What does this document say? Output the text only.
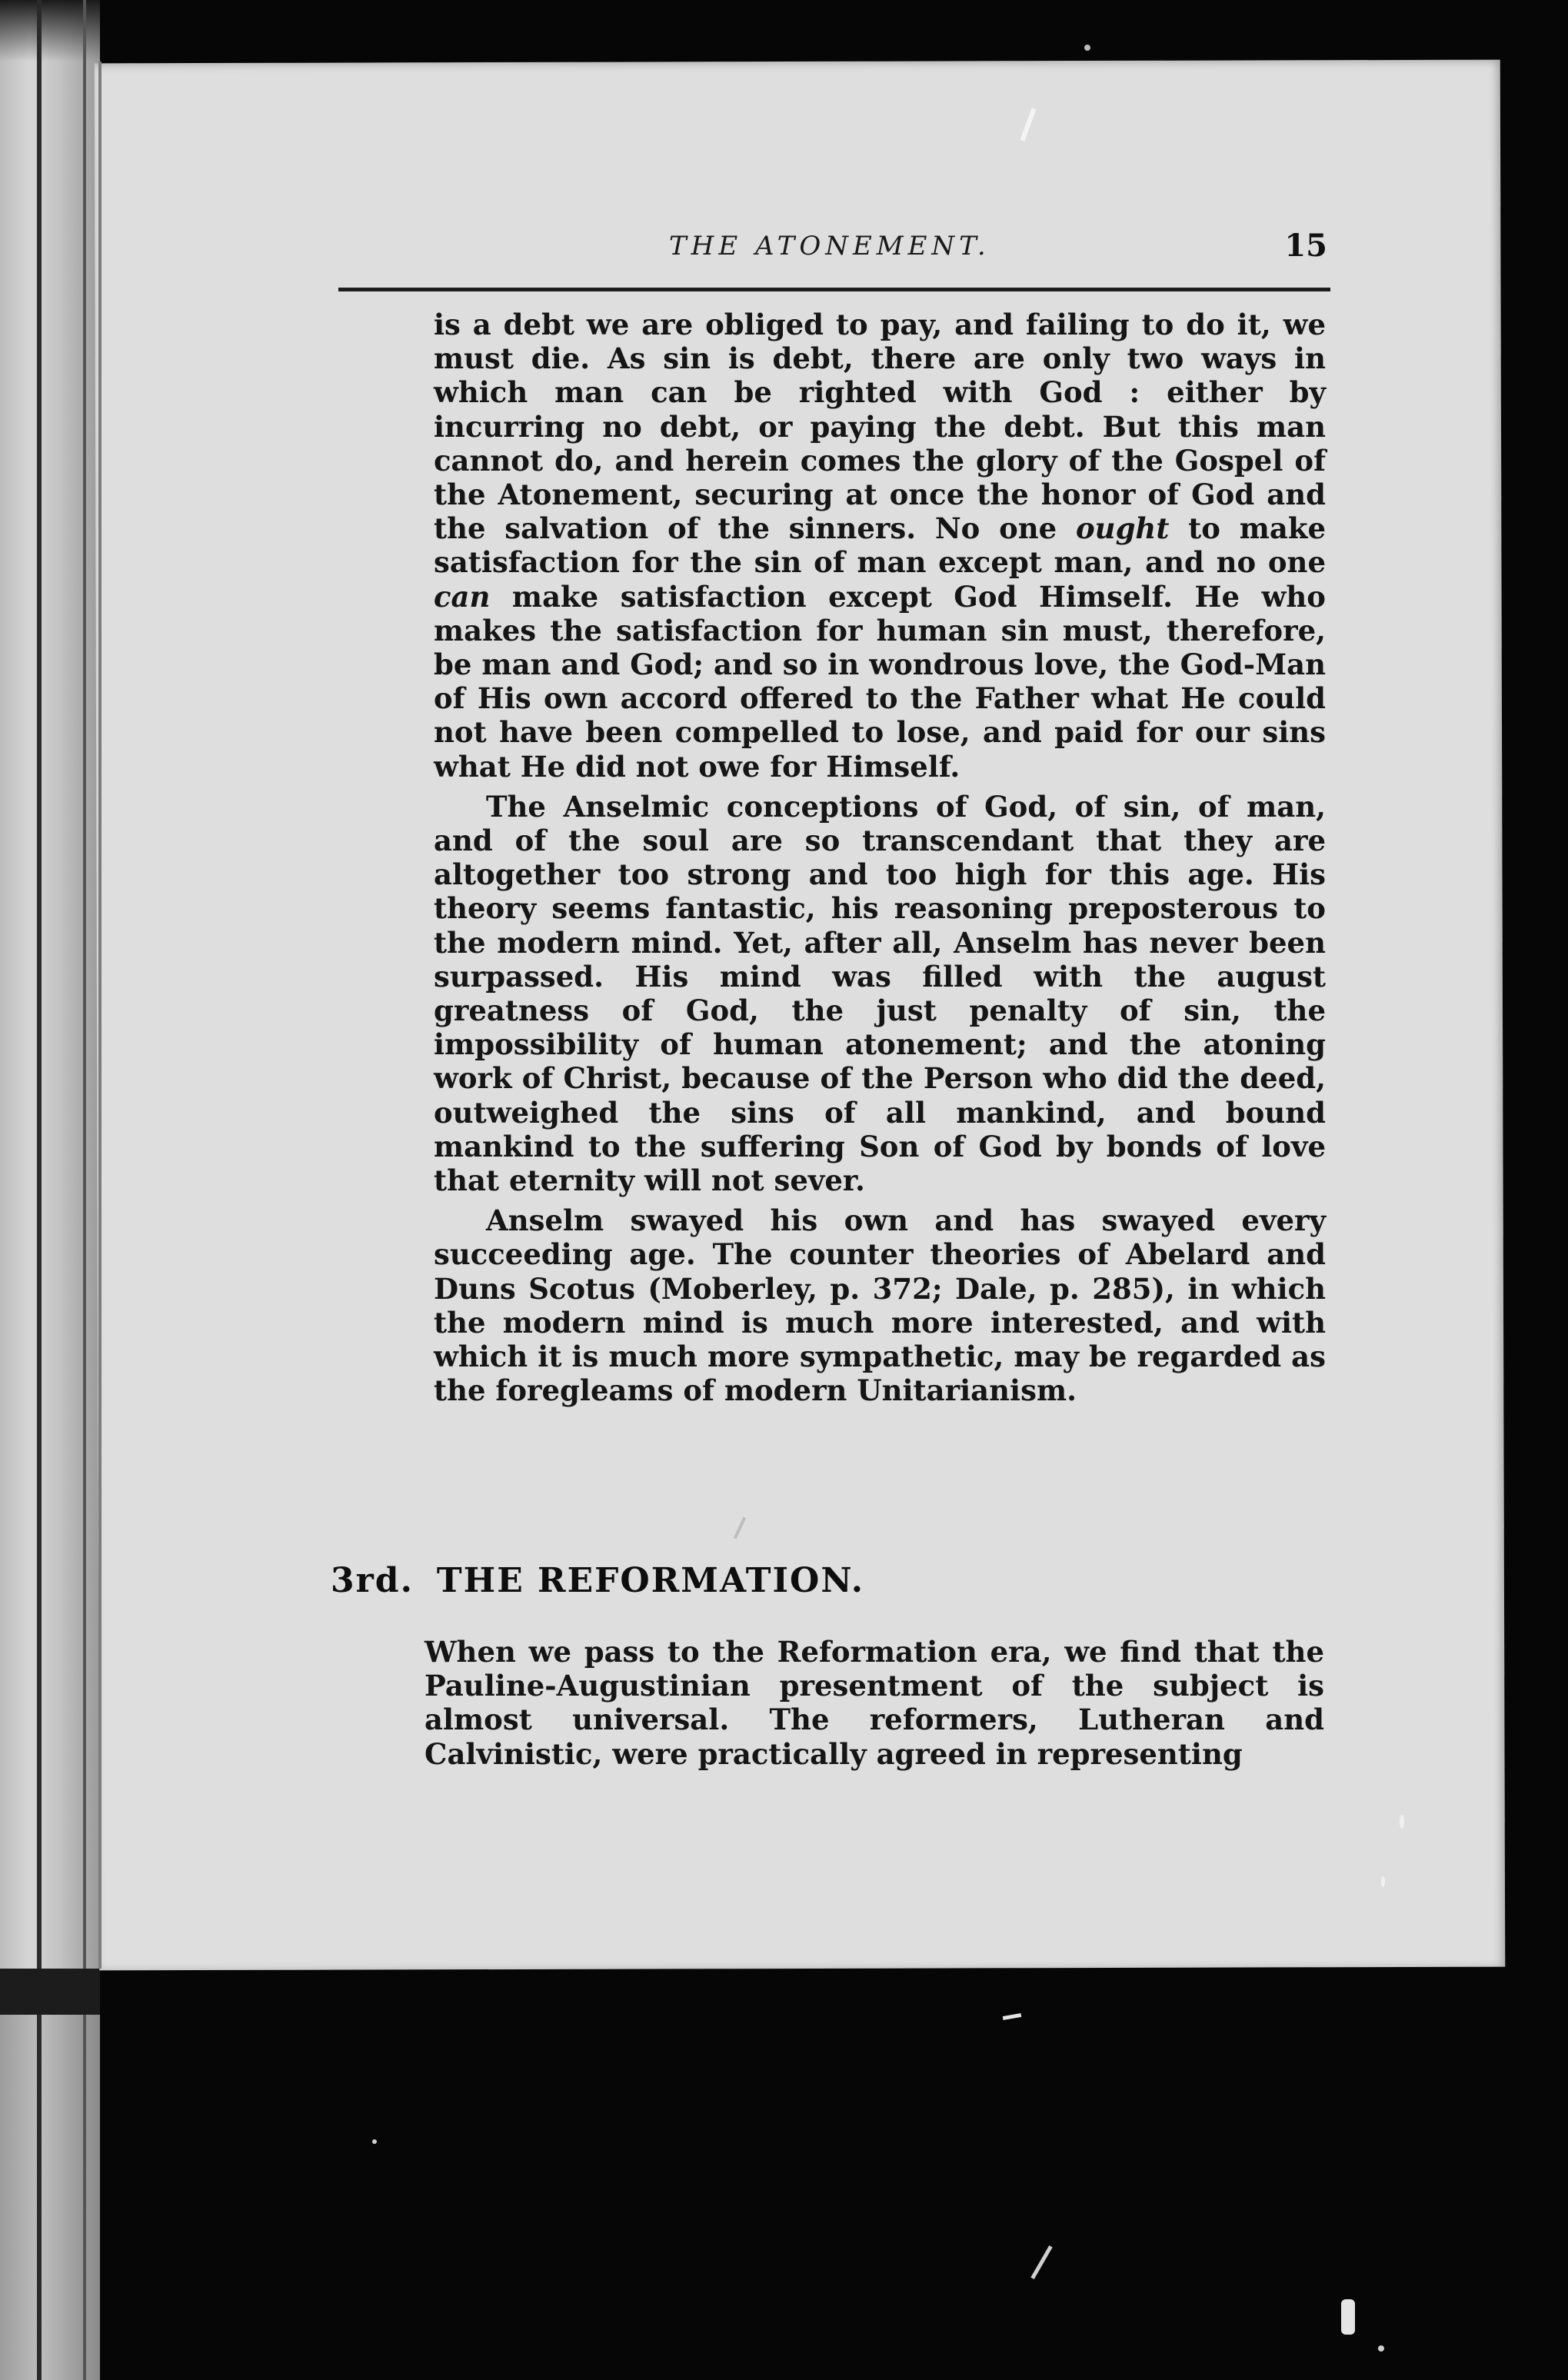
THE ATONEMENT.	15

is a debt we are obliged to pay, and failing to do it, we must die. As sin is debt, there are only two ways in which man can be righted with God : either by incurring no debt, or paying the debt. But this man cannot do, and herein comes the glory of the Gospel of the Atonement, securing at once the honor of God and the salvation of the sinners. No one ought to make satisfaction for the sin of man except man, and no one can make satisfaction except God Himself. He who makes the satisfaction for human sin must, therefore, be man and God; and so in wondrous love, the God-Man of His own accord offered to the Father what He could not have been compelled to lose, and paid for our sins what He did not owe for Himself.

The Anselmic conceptions of God, of sin, of man, and of the soul are so transcendant that they are altogether too strong and too high for this age. His theory seems fantastic, his reasoning preposterous to the modern mind. Yet, after all, Anselm has never been surpassed. His mind was filled with the august greatness of God, the just penalty of sin, the impossibility of human atonement; and the atoning work of Christ, because of the Person who did the deed, outweighed the sins of all mankind, and bound mankind to the suffering Son of God by bonds of love that eternity will not sever.

Anselm swayed his own and has swayed every succeeding age. The counter theories of Abelard and Duns Scotus (Moberley, p. 372; Dale, p. 285), in which the modern mind is much more interested, and with which it is much more sympathetic, may be regarded as the foregleams of modern Unitarianism.

3rd. THE REFORMATION.

When we pass to the Reformation era, we find that the Pauline-Augustinian presentment of the subject is almost universal. The reformers, Lutheran and Calvinistic, were practically agreed in representing
